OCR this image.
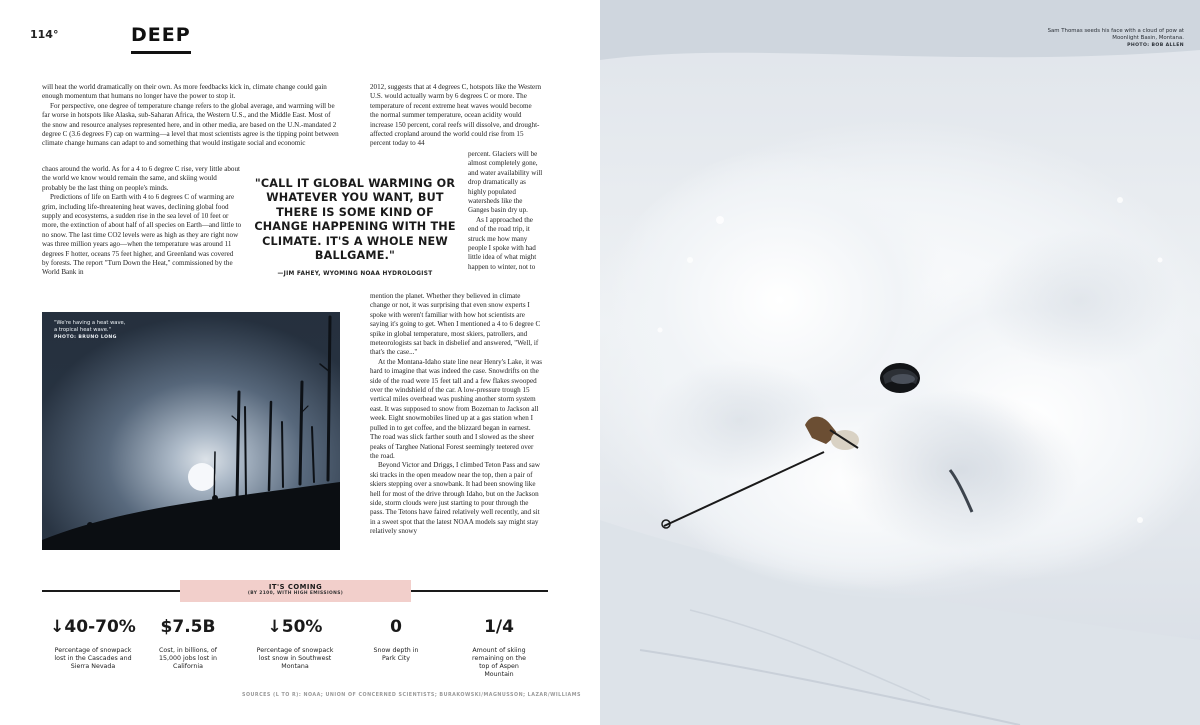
114°	DEEP

will heat the world dramatically on their own. As more feedbacks kick in, climate change could gain enough momentum that humans no longer have the power to stop it.

For perspective, one degree of temperature change refers to the global average, and warming will be far worse in hotspots like Alaska, sub-Saharan Africa, the Western U.S., and the Middle East. Most of the snow and resource analyses represented here, and in other media, are based on the U.N.-mandated 2 degree C (3.6 degrees F) cap on warming—a level that most scientists agree is the tipping point between climate change humans can adapt to and something that would instigate social and economic

chaos around the world. As for a 4 to 6 degree C rise, very little about the world we know would remain the same, and skiing would probably be the last thing on people's minds.

Predictions of life on Earth with 4 to 6 degrees C of warming are grim, including life-threatening heat waves, declining global food supply and ecosystems, a sudden rise in the sea level of 10 feet or more, the extinction of about half of all species on Earth—and little to no snow. The last time CO2 levels were as high as they are right now was three million years ago—when the temperature was around 11 degrees F hotter, oceans 75 feet higher, and Greenland was covered by forests. The report "Turn Down the Heat," commissioned by the World Bank in

2012, suggests that at 4 degrees C, hotspots like the Western U.S. would actually warm by 6 degrees C or more. The temperature of recent extreme heat waves would become the normal summer temperature, ocean acidity would increase 150 percent, coral reefs will dissolve, and drought-affected cropland around the world could rise from 15 percent today to 44

percent. Glaciers will be almost completely gone, and water availability will drop dramatically as highly populated watersheds like the Ganges basin dry up.

As I approached the end of the road trip, it struck me how many people I spoke with had little idea of what might happen to winter, not to

mention the planet. Whether they believed in climate change or not, it was surprising that even snow experts I spoke with weren't familiar with how hot scientists are saying it's going to get. When I mentioned a 4 to 6 degree C spike in global temperature, most skiers, patrollers, and meteorologists sat back in disbelief and answered, "Well, if that's the case..."

At the Montana-Idaho state line near Henry's Lake, it was hard to imagine that was indeed the case. Snowdrifts on the side of the road were 15 feet tall and a few flakes swooped over the windshield of the car. A low-pressure trough 15 vertical miles overhead was pushing another storm system east. It was supposed to snow from Bozeman to Jackson all week. Eight snowmobiles lined up at a gas station when I pulled in to get coffee, and the blizzard began in earnest. The road was slick farther south and I slowed as the sheer peaks of Targhee National Forest seemingly teetered over the road.

Beyond Victor and Driggs, I climbed Teton Pass and saw ski tracks in the open meadow near the top, then a pair of skiers stepping over a snowbank. It had been snowing like hell for most of the drive through Idaho, but on the Jackson side, storm clouds were just starting to pour through the pass. The Tetons have faired relatively well recently, and sit in a sweet spot that the latest NOAA models say might stay relatively snowy

"CALL IT GLOBAL WARMING OR WHATEVER YOU WANT, BUT THERE IS SOME KIND OF CHANGE HAPPENING WITH THE CLIMATE. IT'S A WHOLE NEW BALLGAME."
—JIM FAHEY, WYOMING NOAA HYDROLOGIST
"We're having a heat wave, a tropical heat wave."
PHOTO: BRUNO LONG
IT'S COMING
(BY 2100, WITH HIGH EMISSIONS)
↓40-70%
Percentage of snowpack lost in the Cascades and Sierra Nevada
$7.5B
Cost, in billions, of 15,000 jobs lost in California
↓50%
Percentage of snowpack lost snow in Southwest Montana
0
Snow depth in Park City
1/4
Amount of skiing remaining on the top of Aspen Mountain
SOURCES (L TO R): NOAA; UNION OF CONCERNED SCIENTISTS; BURAKOWSKI/MAGNUSSON; LAZAR/WILLIAMS
Sam Thomas seeds his face with a cloud of pow at Moonlight Basin, Montana.
PHOTO: BOB ALLEN
